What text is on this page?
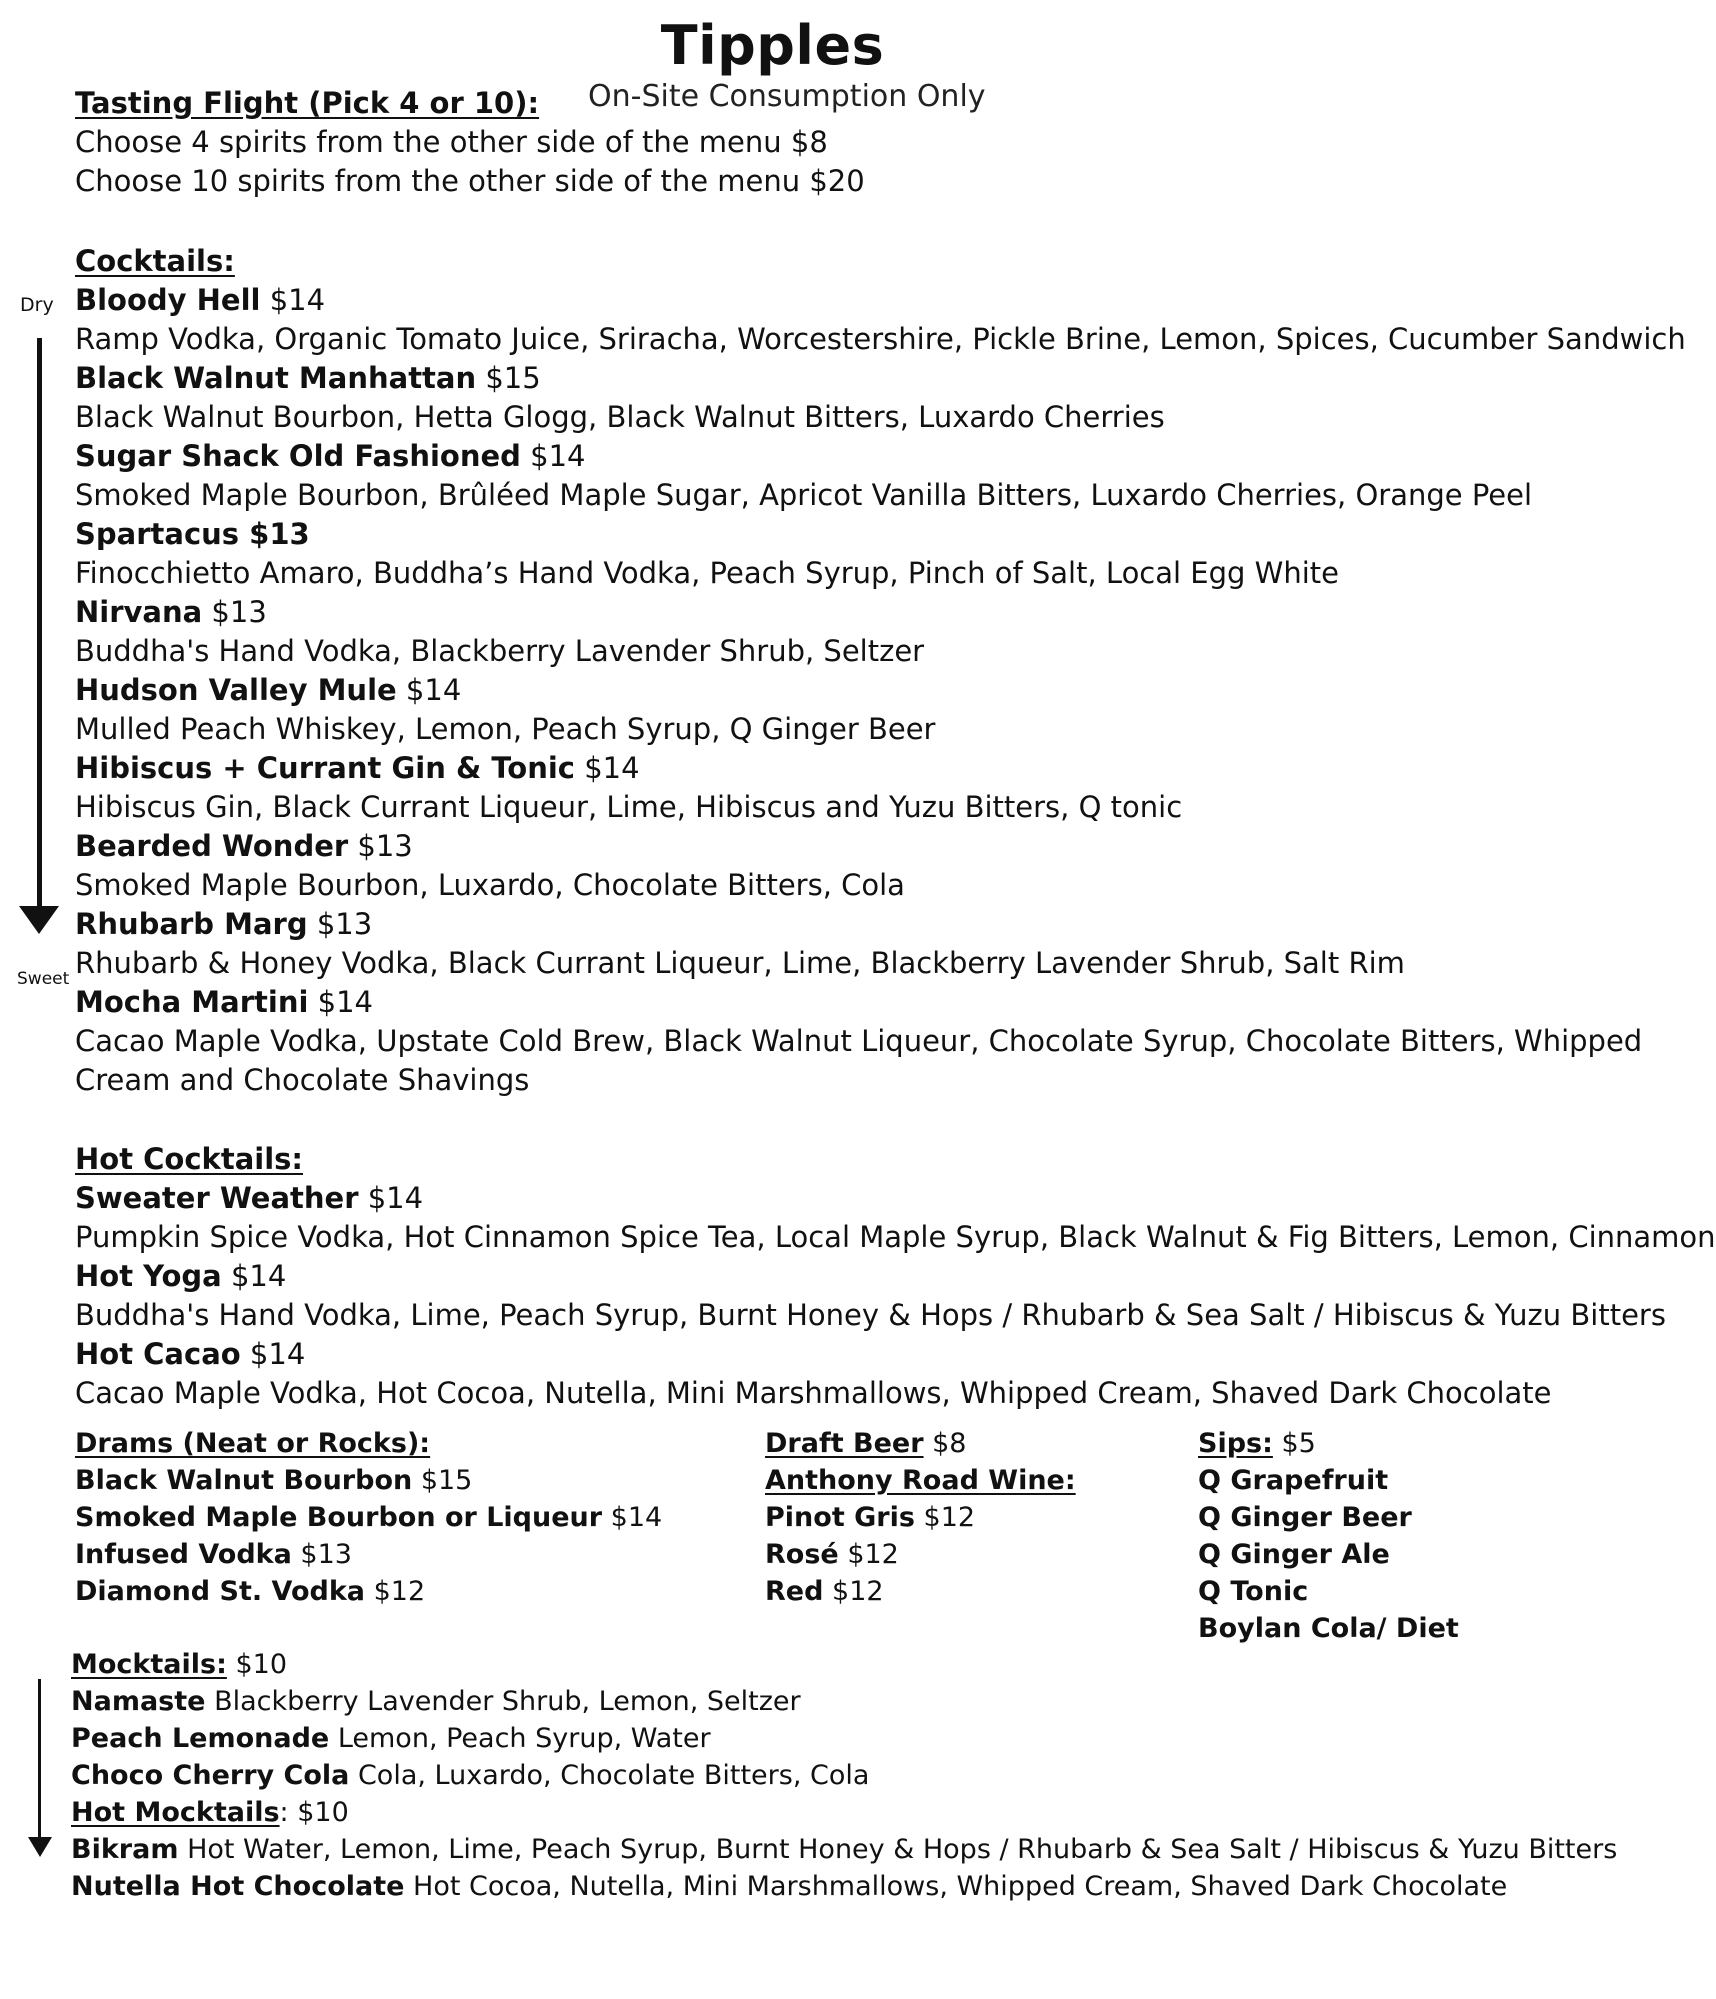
Tipples
On-Site Consumption Only
Tasting Flight (Pick 4 or 10):
Choose 4 spirits from the other side of the menu $8
Choose 10 spirits from the other side of the menu $20
Cocktails:
Dry
Sweet
Bloody Hell $14
Ramp Vodka, Organic Tomato Juice, Sriracha, Worcestershire, Pickle Brine, Lemon, Spices, Cucumber Sandwich
Black Walnut Manhattan $15
Black Walnut Bourbon, Hetta Glogg, Black Walnut Bitters, Luxardo Cherries
Sugar Shack Old Fashioned $14
Smoked Maple Bourbon, Brûléed Maple Sugar, Apricot Vanilla Bitters, Luxardo Cherries, Orange Peel
Spartacus $13
Finocchietto Amaro, Buddha’s Hand Vodka, Peach Syrup, Pinch of Salt, Local Egg White
Nirvana $13
Buddha's Hand Vodka, Blackberry Lavender Shrub, Seltzer
Hudson Valley Mule $14
Mulled Peach Whiskey, Lemon, Peach Syrup, Q Ginger Beer
Hibiscus + Currant Gin & Tonic $14
Hibiscus Gin, Black Currant Liqueur, Lime, Hibiscus and Yuzu Bitters, Q tonic
Bearded Wonder $13
Smoked Maple Bourbon, Luxardo, Chocolate Bitters, Cola
Rhubarb Marg $13
Rhubarb & Honey Vodka, Black Currant Liqueur, Lime, Blackberry Lavender Shrub, Salt Rim
Mocha Martini $14
Cacao Maple Vodka, Upstate Cold Brew, Black Walnut Liqueur, Chocolate Syrup, Chocolate Bitters, Whipped
Cream and Chocolate Shavings
Hot Cocktails:
Sweater Weather $14
Pumpkin Spice Vodka, Hot Cinnamon Spice Tea, Local Maple Syrup, Black Walnut & Fig Bitters, Lemon, Cinnamon
Hot Yoga $14
Buddha's Hand Vodka, Lime, Peach Syrup, Burnt Honey & Hops / Rhubarb & Sea Salt / Hibiscus & Yuzu Bitters
Hot Cacao $14
Cacao Maple Vodka, Hot Cocoa, Nutella, Mini Marshmallows, Whipped Cream, Shaved Dark Chocolate
Drams (Neat or Rocks):
Black Walnut Bourbon $15
Smoked Maple Bourbon or Liqueur $14
Infused Vodka $13
Diamond St. Vodka $12
Draft Beer $8
Anthony Road Wine:
Pinot Gris $12
Rosé $12
Red $12
Sips: $5
Q Grapefruit
Q Ginger Beer
Q Ginger Ale
Q Tonic
Boylan Cola/ Diet
Mocktails: $10
Namaste Blackberry Lavender Shrub, Lemon, Seltzer
Peach Lemonade Lemon, Peach Syrup, Water
Choco Cherry Cola Cola, Luxardo, Chocolate Bitters, Cola
Hot Mocktails: $10
Bikram Hot Water, Lemon, Lime, Peach Syrup, Burnt Honey & Hops / Rhubarb & Sea Salt / Hibiscus & Yuzu Bitters
Nutella Hot Chocolate Hot Cocoa, Nutella, Mini Marshmallows, Whipped Cream, Shaved Dark Chocolate
